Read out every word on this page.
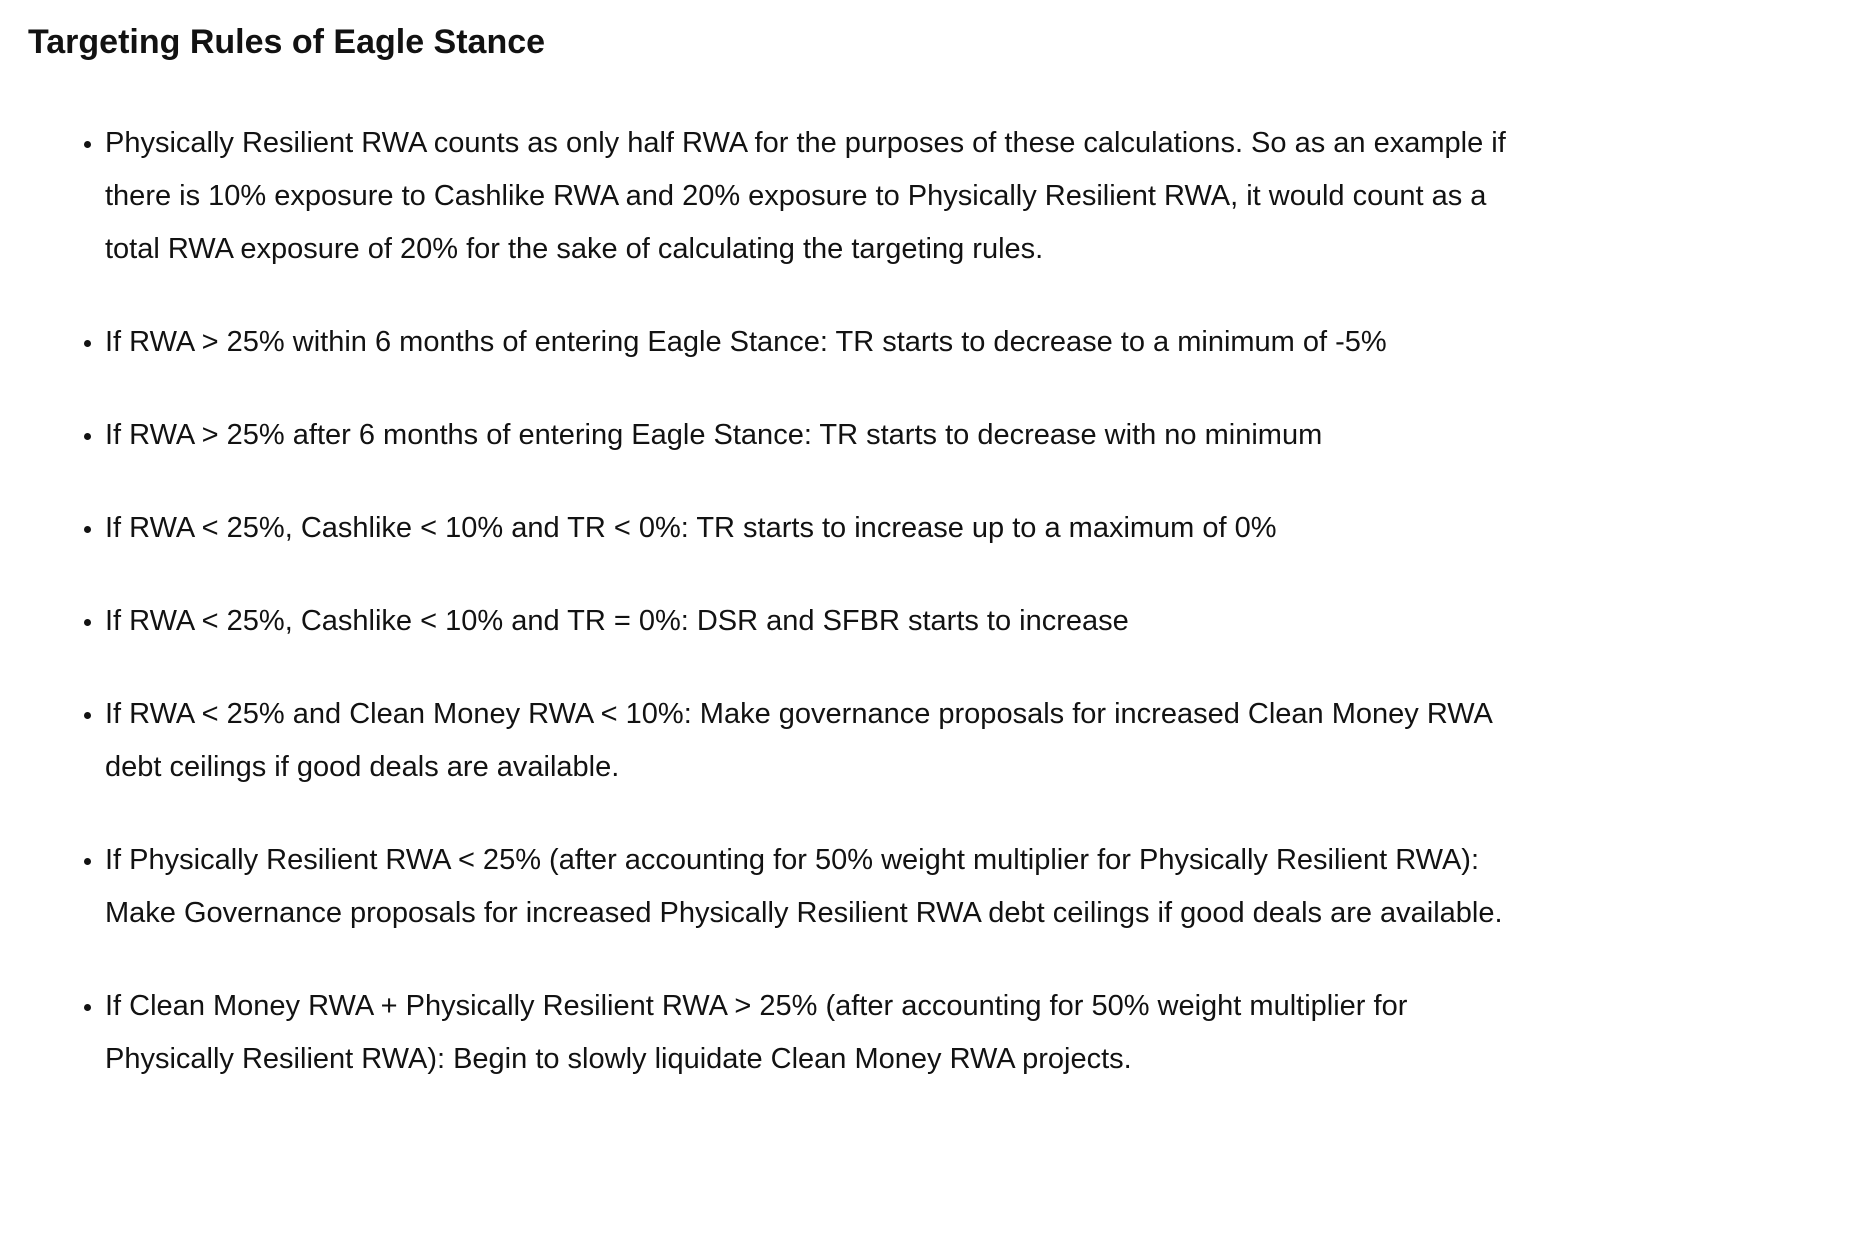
Targeting Rules of Eagle Stance
• Physically Resilient RWA counts as only half RWA for the purposes of these calculations. So as an example if there is 10% exposure to Cashlike RWA and 20% exposure to Physically Resilient RWA, it would count as a total RWA exposure of 20% for the sake of calculating the targeting rules.
• If RWA > 25% within 6 months of entering Eagle Stance: TR starts to decrease to a minimum of -5%
• If RWA > 25% after 6 months of entering Eagle Stance: TR starts to decrease with no minimum
• If RWA < 25%, Cashlike < 10% and TR < 0%: TR starts to increase up to a maximum of 0%
• If RWA < 25%, Cashlike < 10% and TR = 0%: DSR and SFBR starts to increase
• If RWA < 25% and Clean Money RWA < 10%: Make governance proposals for increased Clean Money RWA debt ceilings if good deals are available.
• If Physically Resilient RWA < 25% (after accounting for 50% weight multiplier for Physically Resilient RWA): Make Governance proposals for increased Physically Resilient RWA debt ceilings if good deals are available.
• If Clean Money RWA + Physically Resilient RWA > 25% (after accounting for 50% weight multiplier for Physically Resilient RWA): Begin to slowly liquidate Clean Money RWA projects.
